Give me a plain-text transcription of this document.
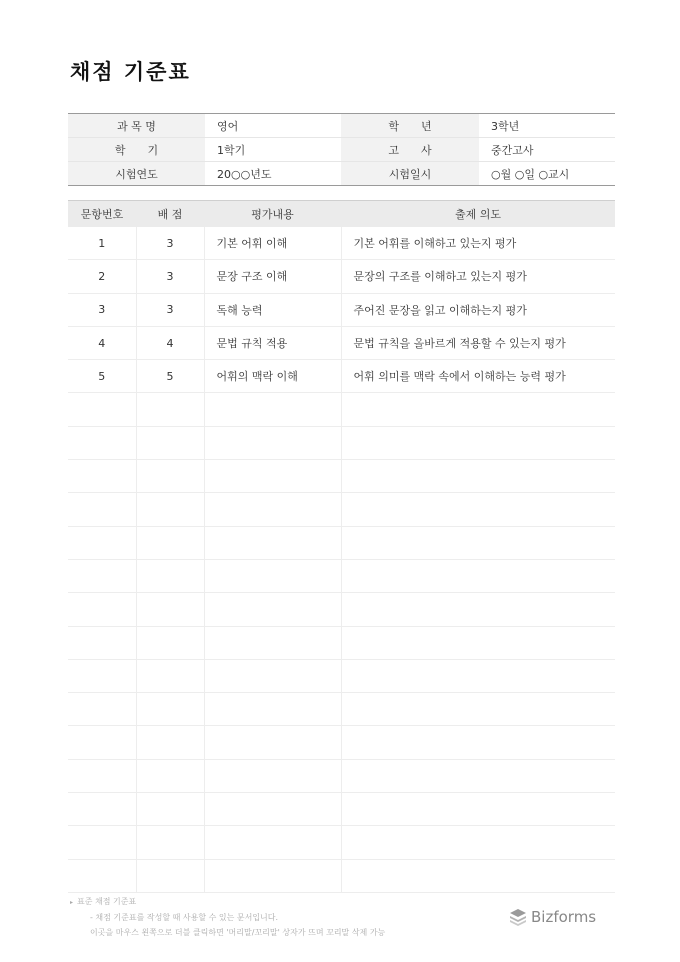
채점 기준표
과 목 명	영어	학　　년	3학년
학　　기	1학기	고　　사	중간고사
시험연도	20○○년도	시험일시	○월 ○일 ○교시
문항번호	배 점	평가내용	출제 의도
1	3	기본 어휘 이해	기본 어휘를 이해하고 있는지 평가
2	3	문장 구조 이해	문장의 구조를 이해하고 있는지 평가
3	3	독해 능력	주어진 문장을 읽고 이해하는지 평가
4	4	문법 규칙 적용	문법 규칙을 올바르게 적용할 수 있는지 평가
5	5	어휘의 맥락 이해	어휘 의미를 맥락 속에서 이해하는 능력 평가

▸ 표준 채점 기준표
- 채점 기준표를 작성할 때 사용할 수 있는 문서입니다.
이곳을 마우스 왼쪽으로 더블 클릭하면 '머리말/꼬리말' 상자가 뜨며 꼬리말 삭제 가능
Bizforms
